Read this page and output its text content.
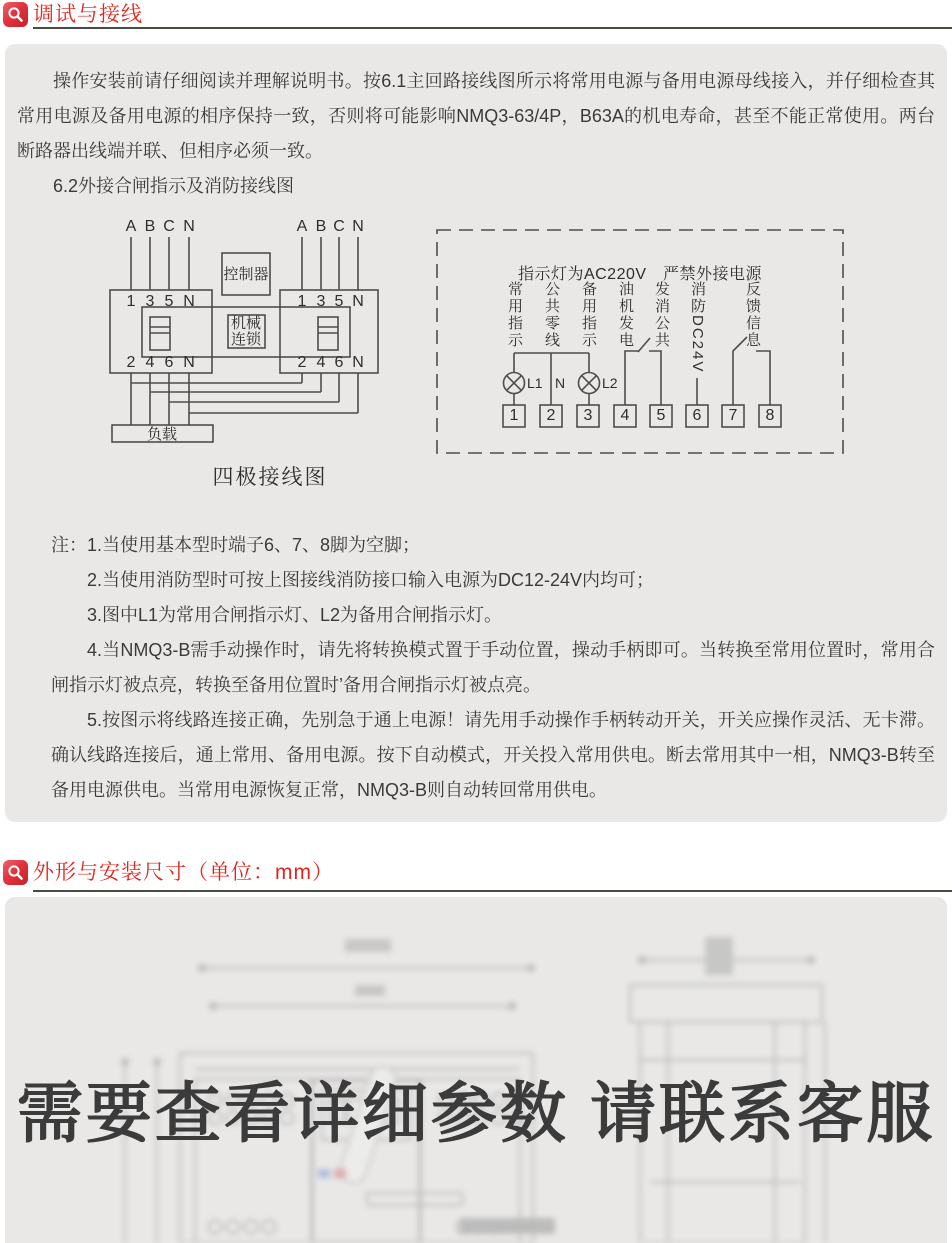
调试与接线

操作安装前请仔细阅读并理解说明书。按6.1主回路接线图所示将常用电源与备用电源母线接入，并仔细检查其常用电源及备用电源的相序保持一致，否则将可能影响NMQ3-63/4P，B63A的机电寿命，甚至不能正常使用。两台断路器出线端并联、但相序必须一致。

6.2外接合闸指示及消防接线图

A B C N	A B C N
1 3 5 N	1 3 5 N
2 4 6 N	2 4 6 N
控制器
机械
连锁
负载
四极接线图
指示灯为AC220V　严禁外接电源
常用指示 公共零线 备用指示 油机发电 发消公共 消防DC24V	反馈信息
L1 N	L2
1 2 3 4 5 6 7 8

注：1.当使用基本型时端子6、7、8脚为空脚；

2.当使用消防型时可按上图接线消防接口输入电源为DC12-24V内均可；

3.图中L1为常用合闸指示灯、L2为备用合闸指示灯。

4.当NMQ3-B需手动操作时，请先将转换模式置于手动位置，操动手柄即可。当转换至常用位置时，常用合闸指示灯被点亮，转换至备用位置时’备用合闸指示灯被点亮。

5.按图示将线路连接正确，先别急于通上电源！请先用手动操作手柄转动开关，开关应操作灵活、无卡滞。确认线路连接后，通上常用、备用电源。按下自动模式，开关投入常用供电。断去常用其中一相，NMQ3-B转至备用电源供电。当常用电源恢复正常，NMQ3-B则自动转回常用供电。

外形与安装尺寸（单位：mm）
需要查看详细参数 请联系客服
